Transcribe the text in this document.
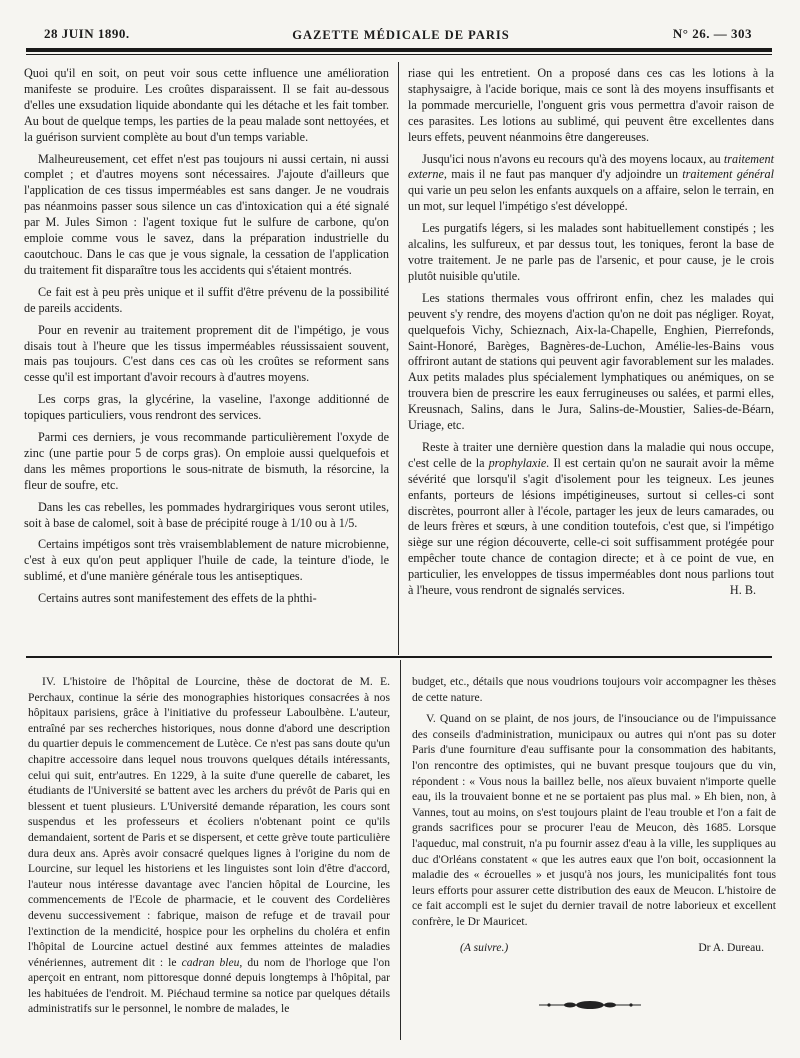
28 JUIN 1890.	GAZETTE MÉDICALE DE PARIS	N° 26. — 303

Quoi qu'il en soit, on peut voir sous cette influence une amélioration manifeste se produire. Les croûtes disparaissent. Il se fait au-dessous d'elles une exsudation liquide abondante qui les détache et les fait tomber. Au bout de quelque temps, les parties de la peau malade sont nettoyées, et la guérison survient complète au bout d'un temps variable.

Malheureusement, cet effet n'est pas toujours ni aussi certain, ni aussi complet ; et d'autres moyens sont nécessaires. J'ajoute d'ailleurs que l'application de ces tissus imperméables est sans danger. Je ne voudrais pas néanmoins passer sous silence un cas d'intoxication qui a été signalé par M. Jules Simon : l'agent toxique fut le sulfure de carbone, qu'on emploie comme vous le savez, dans la préparation industrielle du caoutchouc. Dans le cas que je vous signale, la cessation de l'application du traitement fit disparaître tous les accidents qui s'étaient montrés.

Ce fait est à peu près unique et il suffit d'être prévenu de la possibilité de pareils accidents.

Pour en revenir au traitement proprement dit de l'impétigo, je vous disais tout à l'heure que les tissus imperméables réussissaient souvent, mais pas toujours. C'est dans ces cas où les croûtes se reforment sans cesse qu'il est important d'avoir recours à d'autres moyens.

Les corps gras, la glycérine, la vaseline, l'axonge additionné de topiques particuliers, vous rendront des services.

Parmi ces derniers, je vous recommande particulièrement l'oxyde de zinc (une partie pour 5 de corps gras). On emploie aussi quelquefois et dans les mêmes proportions le sous-nitrate de bismuth, la résorcine, la fleur de soufre, etc.

Dans les cas rebelles, les pommades hydrargiriques vous seront utiles, soit à base de calomel, soit à base de précipité rouge à 1/10 ou à 1/5.

Certains impétigos sont très vraisemblablement de nature microbienne, c'est à eux qu'on peut appliquer l'huile de cade, la teinture d'iode, le sublimé, et d'une manière générale tous les antiseptiques.

Certains autres sont manifestement des effets de la phthi-

riase qui les entretient. On a proposé dans ces cas les lotions à la staphysaigre, à l'acide borique, mais ce sont là des moyens insuffisants et la pommade mercurielle, l'onguent gris vous permettra d'avoir raison de ces parasites. Les lotions au sublimé, qui peuvent être excellentes dans leurs effets, peuvent néanmoins être dangereuses.

Jusqu'ici nous n'avons eu recours qu'à des moyens locaux, au traitement externe, mais il ne faut pas manquer d'y adjoindre un traitement général qui varie un peu selon les enfants auxquels on a affaire, selon le terrain, en un mot, sur lequel l'impétigo s'est développé.

Les purgatifs légers, si les malades sont habituellement constipés ; les alcalins, les sulfureux, et par dessus tout, les toniques, feront la base de votre traitement. Je ne parle pas de l'arsenic, et pour cause, je le crois plutôt nuisible qu'utile.

Les stations thermales vous offriront enfin, chez les malades qui peuvent s'y rendre, des moyens d'action qu'on ne doit pas négliger. Royat, quelquefois Vichy, Schieznach, Aix-la-Chapelle, Enghien, Pierrefonds, Saint-Honoré, Barèges, Bagnères-de-Luchon, Amélie-les-Bains vous offriront autant de stations qui peuvent agir favorablement sur les malades. Aux petits malades plus spécialement lymphatiques ou anémiques, on se trouvera bien de prescrire les eaux ferrugineuses ou salées, et parmi elles, Kreusnach, Salins, dans le Jura, Salins-de-Moustier, Salies-de-Béarn, Uriage, etc.

Reste à traiter une dernière question dans la maladie qui nous occupe, c'est celle de la prophylaxie. Il est certain qu'on ne saurait avoir la même sévérité que lorsqu'il s'agit d'isolement pour les teigneux. Les jeunes enfants, porteurs de lésions impétigineuses, surtout si celles-ci sont discrètes, pourront aller à l'école, partager les jeux de leurs camarades, ou de leurs frères et sœurs, à une condition toutefois, c'est que, si l'impétigo siège sur une région découverte, celle-ci soit suffisamment protégée pour empêcher toute chance de contagion directe; et à ce point de vue, en particulier, les enveloppes de tissus imperméables dont nous parlions tout à l'heure, vous rendront de signalés services.	H. B.

IV. L'histoire de l'hôpital de Lourcine, thèse de doctorat de M. E. Perchaux, continue la série des monographies historiques consacrées à nos hôpitaux parisiens, grâce à l'initiative du professeur Laboulbène. L'auteur, entraîné par ses recherches historiques, nous donne d'abord une description du quartier depuis le commencement de Lutèce. Ce n'est pas sans doute qu'un chapitre accessoire dans lequel nous trouvons quelques détails intéressants, celui qui suit, entr'autres. En 1229, à la suite d'une querelle de cabaret, les étudiants de l'Université se battent avec les archers du prévôt de Paris qui en blessent et tuent plusieurs. L'Université demande réparation, les cours sont suspendus et les professeurs et écoliers n'obtenant point ce qu'ils demandaient, sortent de Paris et se dispersent, et cette grève toute particulière dura deux ans. Après avoir consacré quelques lignes à l'origine du nom de Lourcine, sur lequel les historiens et les linguistes sont loin d'être d'accord, l'auteur nous intéresse davantage avec l'ancien hôpital de Lourcine, les commencements de l'Ecole de pharmacie, et le couvent des Cordelières devenu successivement : fabrique, maison de refuge et de travail pour l'extinction de la mendicité, hospice pour les orphelins du choléra et enfin l'hôpital de Lourcine actuel destiné aux femmes atteintes de maladies vénériennes, autrement dit : le cadran bleu, du nom de l'horloge que l'on aperçoit en entrant, nom pittoresque donné depuis longtemps à l'hôpital, par les habituées de l'endroit. M. Piéchaud termine sa notice par quelques détails administratifs sur le personnel, le nombre de malades, le

budget, etc., détails que nous voudrions toujours voir accompagner les thèses de cette nature.

V. Quand on se plaint, de nos jours, de l'insouciance ou de l'impuissance des conseils d'administration, municipaux ou autres qui n'ont pas su doter Paris d'une fourniture d'eau suffisante pour la consommation des habitants, l'on rencontre des optimistes, qui ne buvant presque toujours que du vin, répondent : « Vous nous la baillez belle, nos aïeux buvaient n'importe quelle eau, ils la trouvaient bonne et ne se portaient pas plus mal. » Eh bien, non, à Vannes, tout au moins, on s'est toujours plaint de l'eau trouble et l'on a fait de grands sacrifices pour se procurer l'eau de Meucon, dès 1685. Lorsque l'aqueduc, mal construit, n'a pu fournir assez d'eau à la ville, les suppliques au duc d'Orléans constatent « que les autres eaux que l'on boit, occasionnent la maladie des « écrouelles » et jusqu'à nos jours, les municipalités font tous leurs efforts pour assurer cette distribution des eaux de Meucon. L'histoire de ce fait accompli est le sujet du dernier travail de notre laborieux et excellent confrère, le Dr Mauricet.

(A suivre.)	Dr A. Dureau.
